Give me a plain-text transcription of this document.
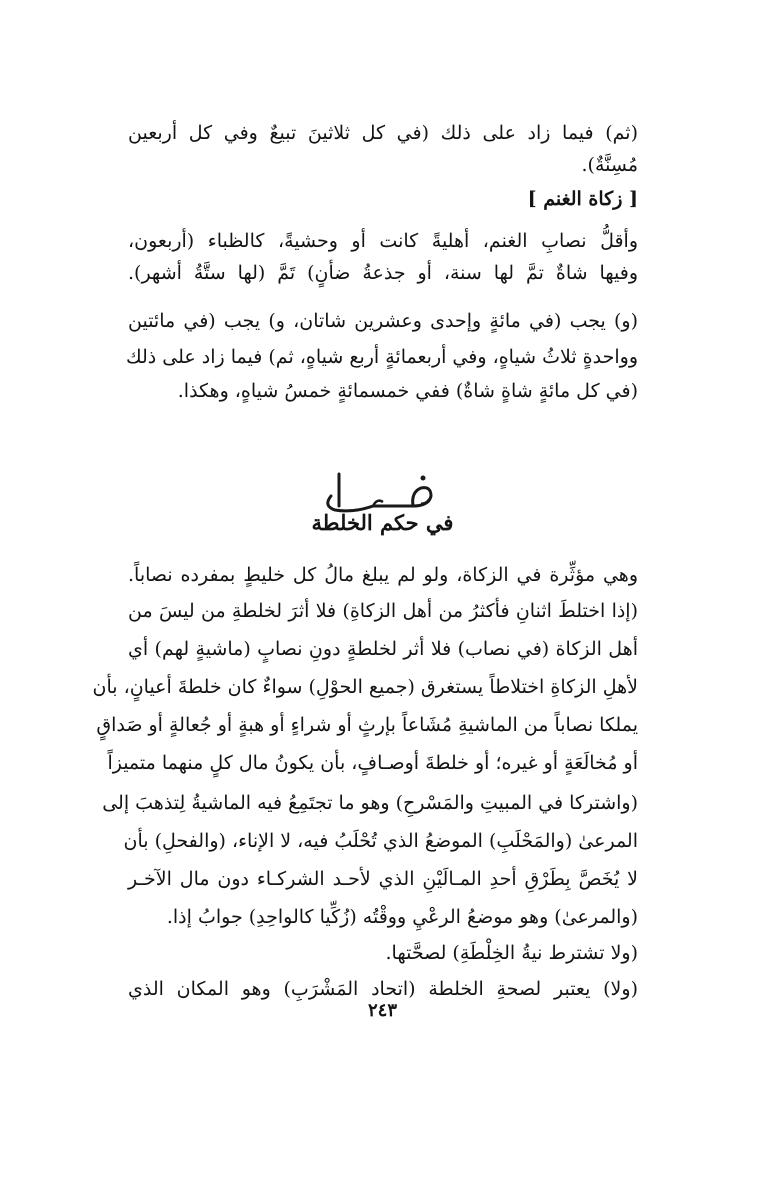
(ثم) فيما زاد على ذلك (في كل ثلاثينَ تبيعٌ وفي كل أربعين
مُسِنَّةٌ).
[ زكاة الغنم ]
وأقلُّ نصابِ الغنم، أهليةً كانت أو وحشيةً، كالظباء (أربعون،
وفيها شاةٌ تمَّ لها سنة، أو جذعةُ ضأنٍ) تَمَّ (لها ستَّةُ أشهر).
(و) يجب (في مائةٍ وإحدى وعشرين شاتان، و) يجب (في مائتين
وواحدةٍ ثلاثُ شياهٍ، وفي أربعمائةٍ أربع شياهٍ، ثم) فيما زاد على ذلك
(في كل مائةٍ شاةٍ شاةٌ) ففي خمسمائةٍ خمسُ شياهٍ، وهكذا.
في حكم الخلطة
وهي مؤثِّرة في الزكاة، ولو لم يبلغ مالُ كل خليطٍ بمفرده نصاباً.
(إذا اختلطَ اثنانِ فأكثرُ من أهل الزكاةِ) فلا أثرَ لخلطةِ من ليسَ من
أهل الزكاة (في نصاب) فلا أثر لخلطةٍ دونِ نصابٍ (ماشيةٍ لهم) أي
لأهلِ الزكاةِ اختلاطاً يستغرق (جميع الحوْلِ) سواءٌ كان خلطةَ أعيانٍ، بأن
يملكا نصاباً من الماشيةِ مُشَاعاً بإرثٍ أو شراءٍ أو هبةٍ أو جُعالةٍ أو صَداقٍ
أو مُخالَعَةٍ أو غيره؛ أو خلطةَ أوصـافٍ، بأن يكونُ مال كلٍ منهما متميزاً
(واشتركا في المبيتِ والمَسْرحِ) وهو ما تجتَمِعُ فيه الماشيةُ لِتذهبَ إلى
المرعىٰ (والمَحْلَبِ) الموضعُ الذي تُحْلَبُ فيه، لا الإناء، (والفحلِ) بأن
لا يُخَصَّ بِطَرْقِ أحدِ المـالَيْنِ الذي لأحـد الشركـاء دون مال الآخـر
(والمرعىٰ) وهو موضعُ الرعْيِ ووقْتُه (زُكِّيا كالواحِدِ) جوابُ إذا.
(ولا تشترط نيةُ الخِلْطَةِ) لصحَّتها.
(ولا) يعتبر لصحةِ الخلطة (اتحاد المَشْرَبِ) وهو المكان الذي
٢٤٣
